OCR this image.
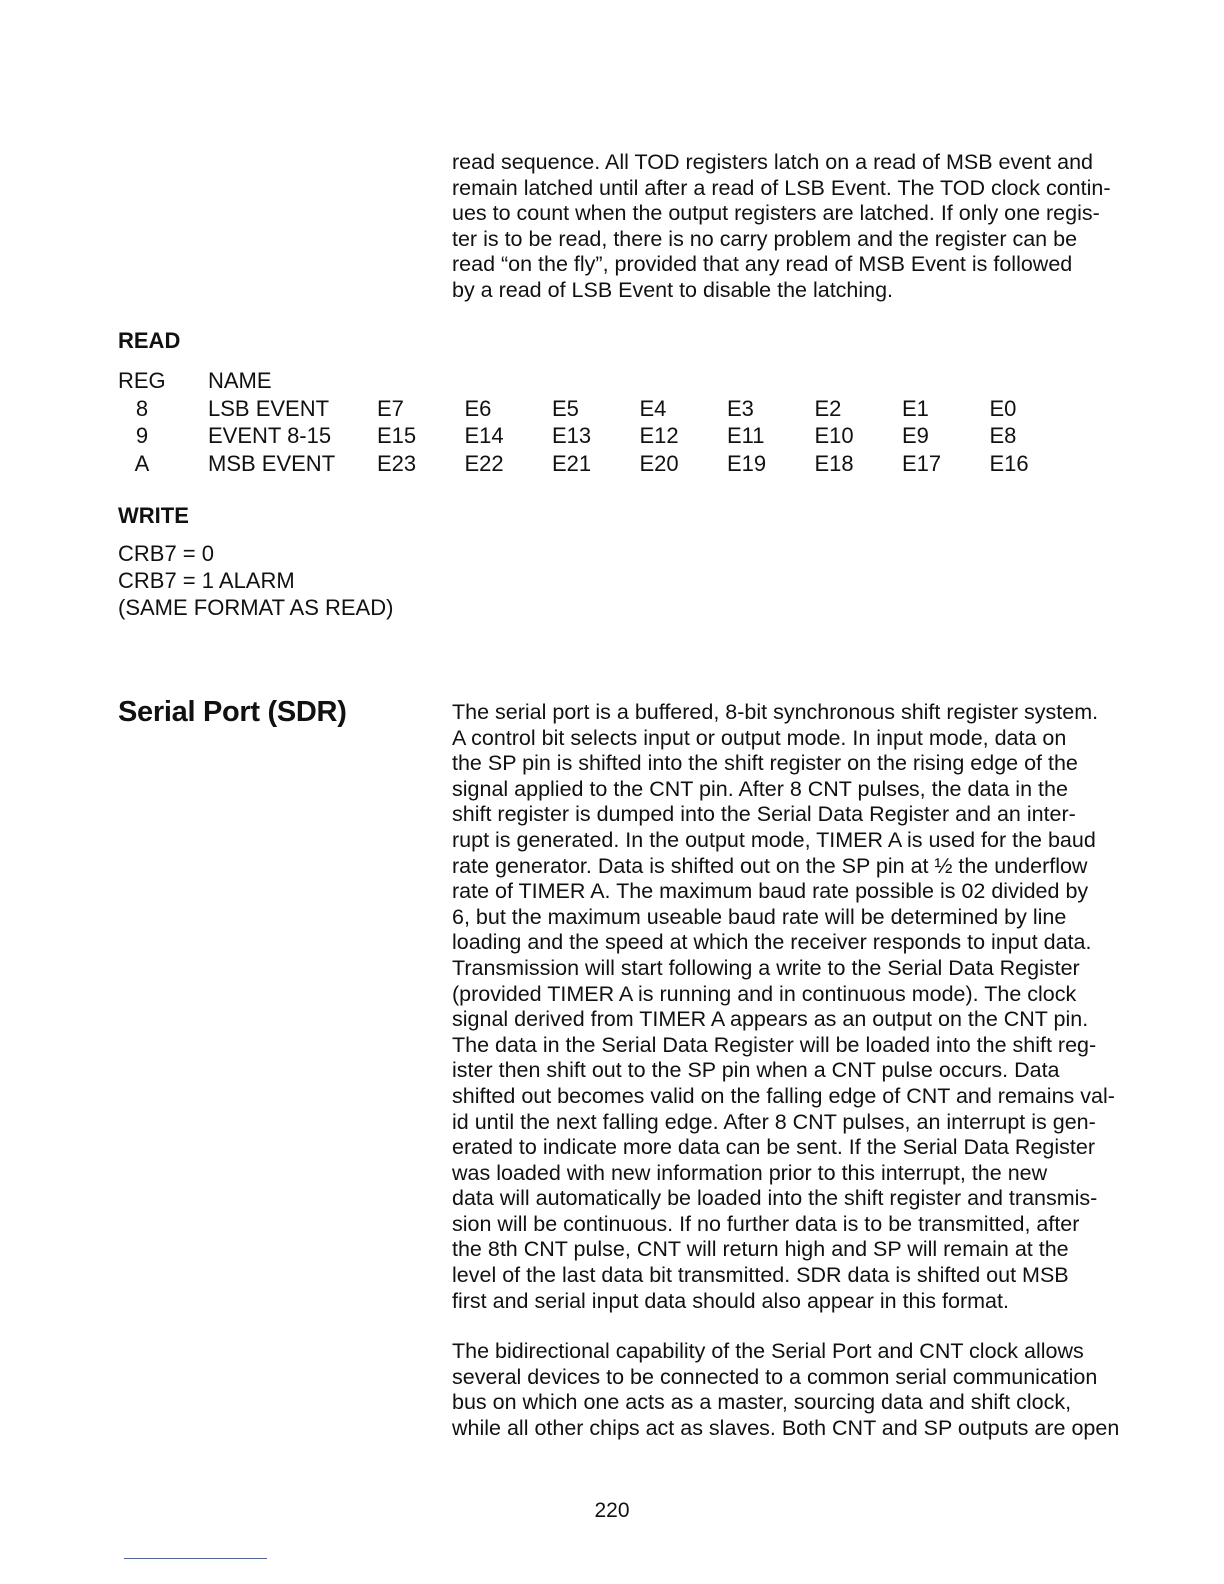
read sequence. All TOD registers latch on a read of MSB event and
remain latched until after a read of LSB Event. The TOD clock contin-
ues to count when the output registers are latched. If only one regis-
ter is to be read, there is no carry problem and the register can be
read “on the fly”, provided that any read of MSB Event is followed
by a read of LSB Event to disable the latching.
READ
REG	NAME								
8	LSB EVENT	E7	E6	E5	E4	E3	E2	E1	E0
9	EVENT 8-15	E15	E14	E13	E12	E11	E10	E9	E8
A	MSB EVENT	E23	E22	E21	E20	E19	E18	E17	E16
WRITE
CRB7 = 0
CRB7 = 1 ALARM
(SAME FORMAT AS READ)
Serial Port (SDR)	The serial port is a buffered, 8-bit synchronous shift register system.
A control bit selects input or output mode. In input mode, data on
the SP pin is shifted into the shift register on the rising edge of the
signal applied to the CNT pin. After 8 CNT pulses, the data in the
shift register is dumped into the Serial Data Register and an inter-
rupt is generated. In the output mode, TIMER A is used for the baud
rate generator. Data is shifted out on the SP pin at ½ the underflow
rate of TIMER A. The maximum baud rate possible is 02 divided by
6, but the maximum useable baud rate will be determined by line
loading and the speed at which the receiver responds to input data.
Transmission will start following a write to the Serial Data Register
(provided TIMER A is running and in continuous mode). The clock
signal derived from TIMER A appears as an output on the CNT pin.
The data in the Serial Data Register will be loaded into the shift reg-
ister then shift out to the SP pin when a CNT pulse occurs. Data
shifted out becomes valid on the falling edge of CNT and remains val-
id until the next falling edge. After 8 CNT pulses, an interrupt is gen-
erated to indicate more data can be sent. If the Serial Data Register
was loaded with new information prior to this interrupt, the new
data will automatically be loaded into the shift register and transmis-
sion will be continuous. If no further data is to be transmitted, after
the 8th CNT pulse, CNT will return high and SP will remain at the
level of the last data bit transmitted. SDR data is shifted out MSB
first and serial input data should also appear in this format.
The bidirectional capability of the Serial Port and CNT clock allows
several devices to be connected to a common serial communication
bus on which one acts as a master, sourcing data and shift clock,
while all other chips act as slaves. Both CNT and SP outputs are open
220
